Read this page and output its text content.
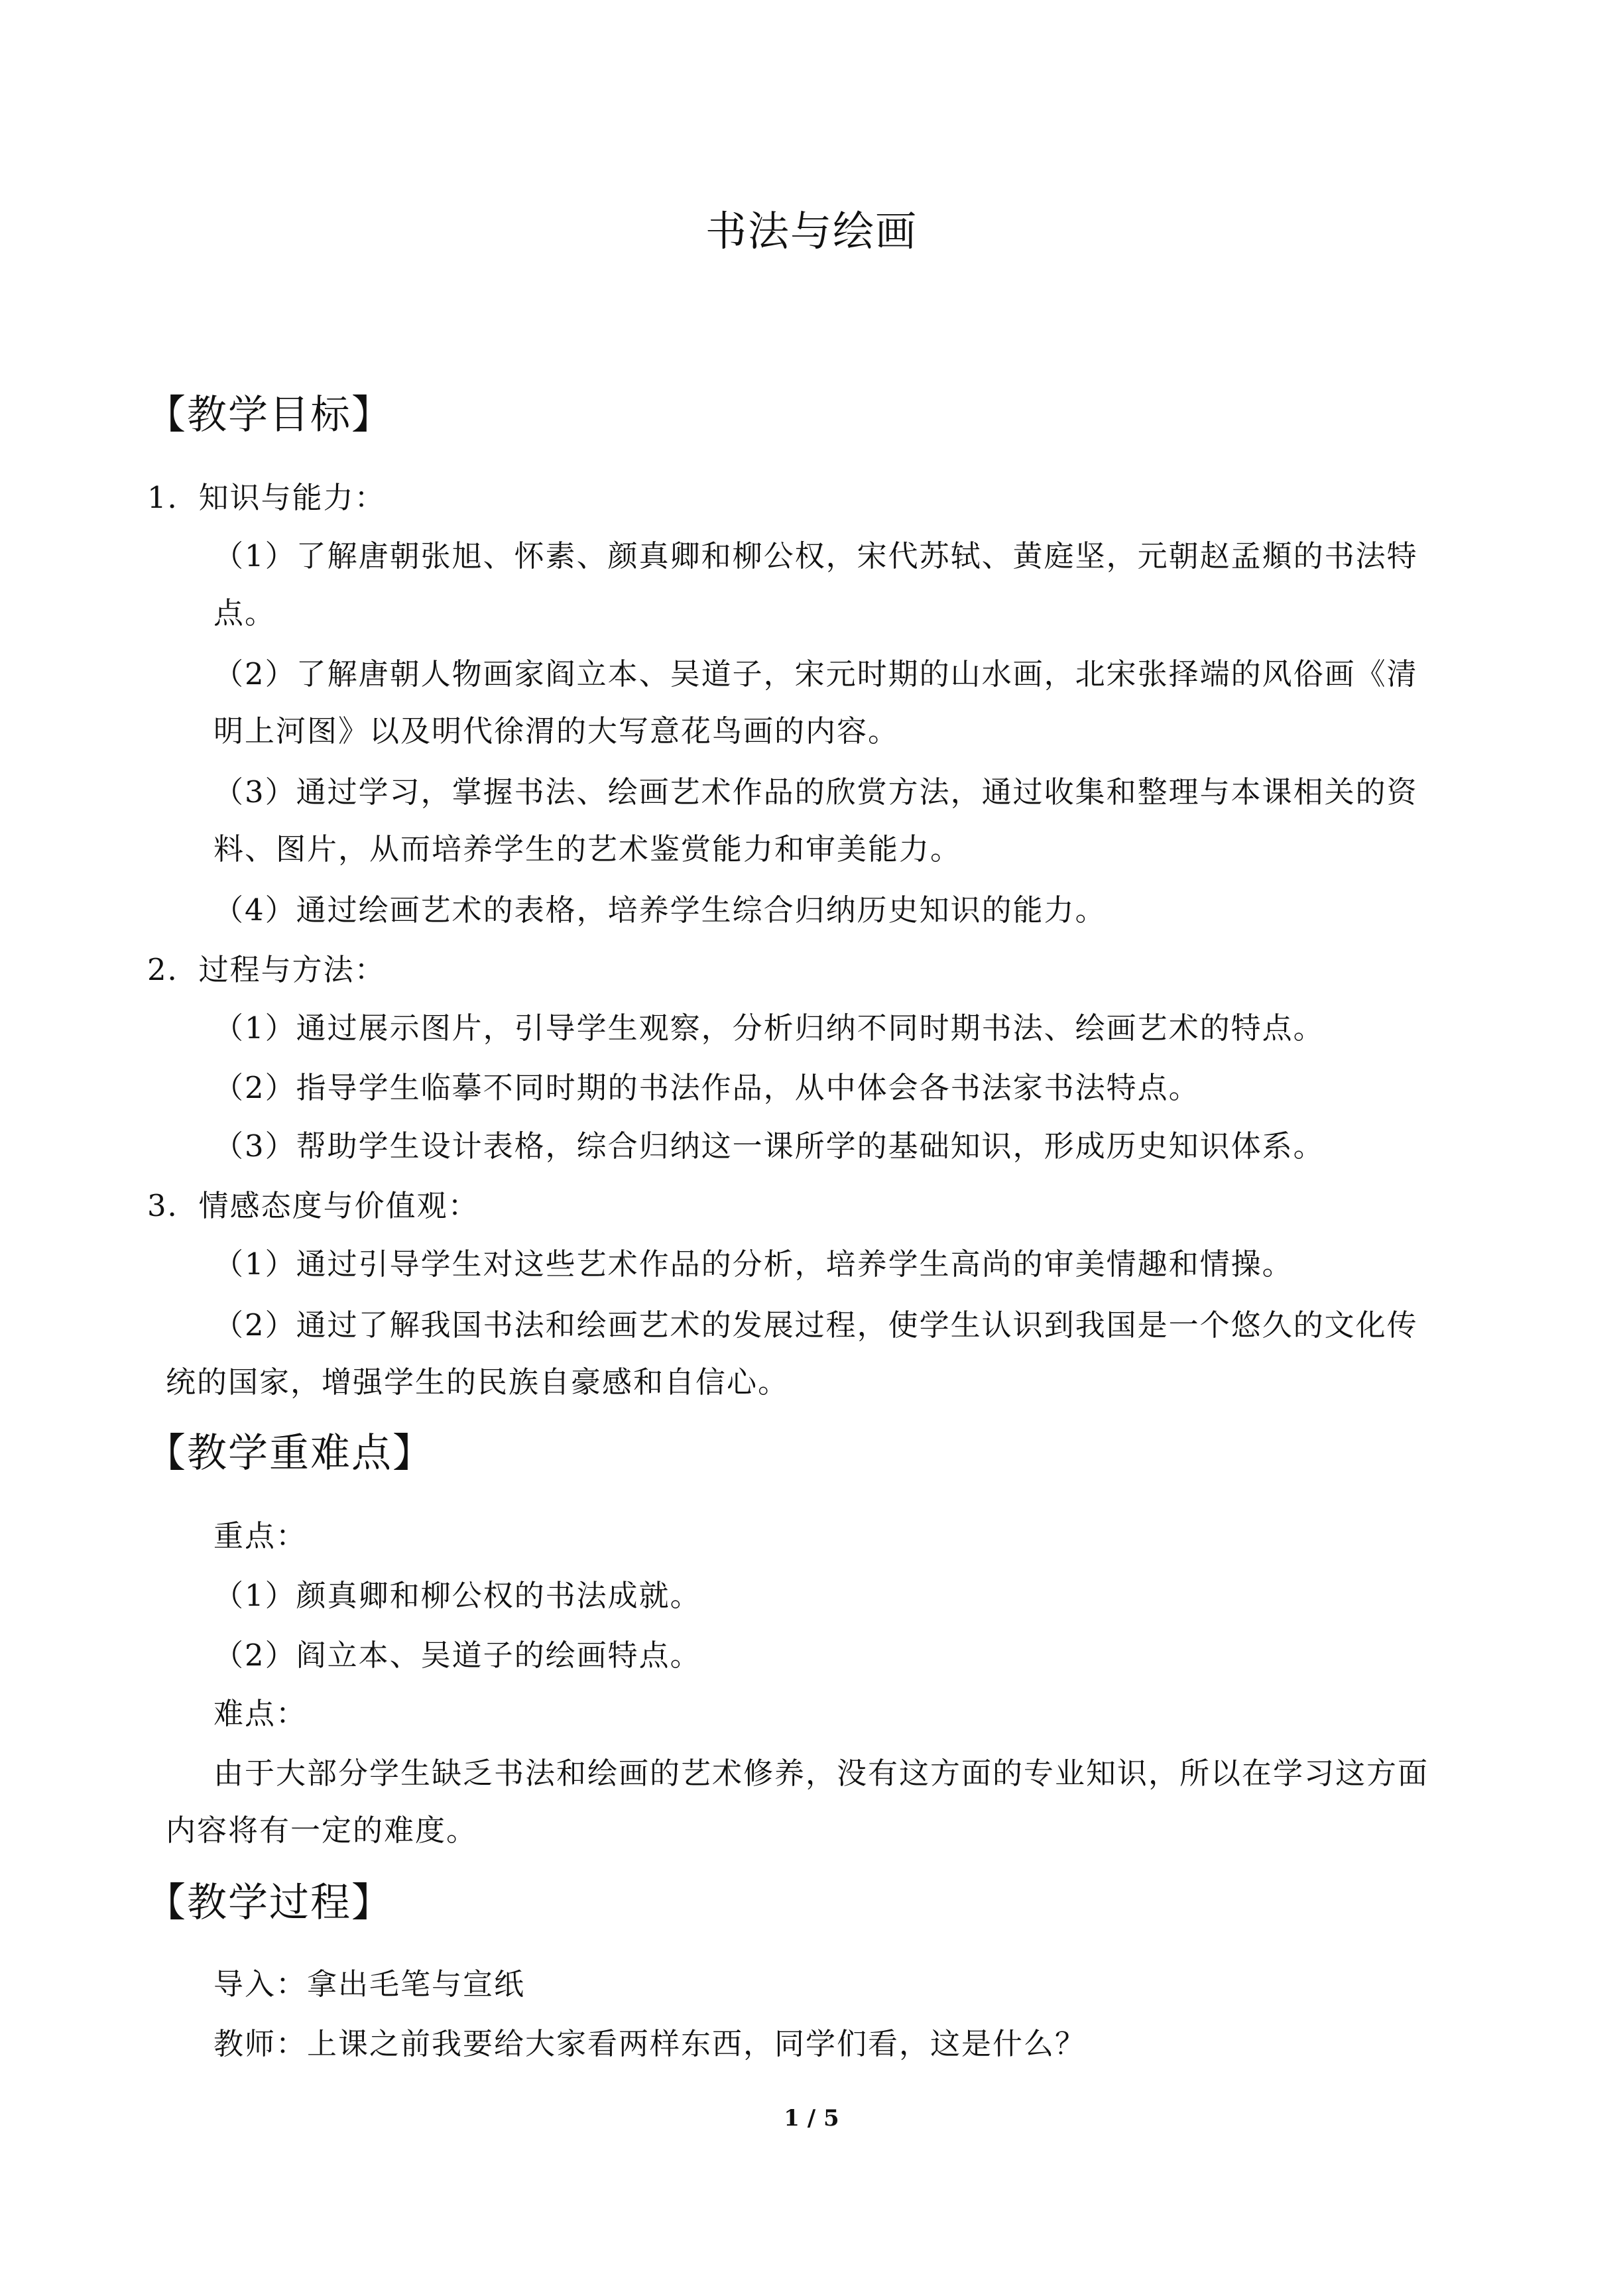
书法与绘画
【教学目标】
1．知识与能力：
（1）了解唐朝张旭、怀素、颜真卿和柳公权，宋代苏轼、黄庭坚，元朝赵孟頫的书法特
点。
（2）了解唐朝人物画家阎立本、吴道子，宋元时期的山水画，北宋张择端的风俗画《清
明上河图》以及明代徐渭的大写意花鸟画的内容。
（3）通过学习，掌握书法、绘画艺术作品的欣赏方法，通过收集和整理与本课相关的资
料、图片，从而培养学生的艺术鉴赏能力和审美能力。
（4）通过绘画艺术的表格，培养学生综合归纳历史知识的能力。
2．过程与方法：
（1）通过展示图片，引导学生观察，分析归纳不同时期书法、绘画艺术的特点。
（2）指导学生临摹不同时期的书法作品，从中体会各书法家书法特点。
（3）帮助学生设计表格，综合归纳这一课所学的基础知识，形成历史知识体系。
3．情感态度与价值观：
（1）通过引导学生对这些艺术作品的分析，培养学生高尚的审美情趣和情操。
（2）通过了解我国书法和绘画艺术的发展过程，使学生认识到我国是一个悠久的文化传
统的国家，增强学生的民族自豪感和自信心。
【教学重难点】
重点：
（1）颜真卿和柳公权的书法成就。
（2）阎立本、吴道子的绘画特点。
难点：
由于大部分学生缺乏书法和绘画的艺术修养，没有这方面的专业知识，所以在学习这方面
内容将有一定的难度。
【教学过程】
导入：拿出毛笔与宣纸
教师：上课之前我要给大家看两样东西，同学们看，这是什么？
1 / 5
